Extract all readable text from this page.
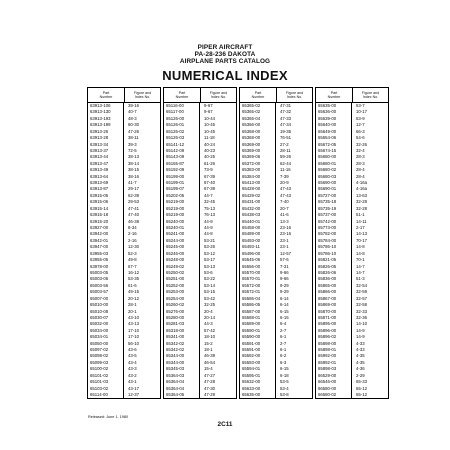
PIPER AIRCRAFT
PA-28-236 DAKOTA
AIRPLANE PARTS CATALOG
NUMERICAL INDEX
Part
Number
Figure and
Index No.
63913-106	39-16
63913-130	40-7
63913-193	48-3
63913-199	60-30
63913-26	47-26
63913-28	38-11
63913-34	39-3
63913-37	72-5
63913-44	38-13
63913-47	38-14
63913-49	38-15
63913-64	38-16
63913-69	41-7
63913-87	29-17
63915-05	62-39
63915-06	29-53
63915-14	47-41
63915-18	47-40
63915-20	46-38
63927-00	8-34
63942-00	2-16
63942-01	2-16
63947-00	12-30
63955-03	52-3
63955-05	49-8
63978-00	67-7
65003-05	16-12
65003-06	53-35
65003-56	61-6
65003-57	49-15
65007-00	20-12
65010-00	28-1
65010-08	20-1
65030-07	43-10
65032-00	43-13
65034-00	17-10
65034-01	17-10
65050-00	56-10
65097-02	43-6
65098-02	43-5
65099-03	43-4
65100-02	43-3
65101-02	43-2
65101-03	43-1
65103-02	43-17
65114-00	12-37
Part
Number
Figure and
Index No.
65116-00	9-67
65117-00	9-67
65126-00	10-44
65126-01	10-45
65126-02	10-45
65126-03	11-18
65141-12	40-24
65142-09	40-23
65143-09	40-25
65165-87	61-26
65192-09	73-9
65199-00	67-39
65199-01	67-40
65199-07	67-39
65202-05	44-7
65219-00	32-45
65219-00	75-13
65219-00	76-13
65240-00	44-9
65240-01	44-9
65241-00	44-8
65244-00	53-21
65245-00	53-26
65246-00	53-12
65248-00	53-17
65249-02	53-13
65250-02	53-6
65251-00	53-22
65252-00	53-14
65253-00	53-15
65254-00	53-42
65260-02	32-25
65276-00	20-4
65280-00	20-14
65281-03	44-3
65318-00	57-42
65341-00	18-10
65342-02	15-2
65342-02	18-1
65344-00	46-39
65344-00	46-54
65345-03	15-4
65364-03	47-27
65364-04	47-28
65364-04	47-30
65364-05	47-29
Part
Number
Figure and
Index No.
65365-02	47-31
65365-02	47-32
65365-04	47-33
65366-00	47-34
65368-00	19-35
65368-00	76-51
65369-00	27-2
65369-00	28-11
65369-06	59-26
65372-00	62-44
65383-00	11-16
65384-00	7-39
65413-00	20-9
65428-00	47-43
65429-02	47-43
65431-00	7-40
65432-00	20-7
65438-03	41-6
65440-01	13-3
65458-00	23-16
65489-00	23-16
65493-00	23-1
65493-11	23-1
65496-00	12-57
65545-06	57-6
65556-00	7-31
65570-00	9-66
65570-01	9-66
65572-00	9-29
65572-01	9-29
65586-04	6-14
65586-05	6-14
65587-00	6-15
65588-01	6-15
65589-00	6-4
65590-01	2-7
65590-00	6-1
65591-00	2-7
65591-00	6-1
65592-00	6-2
65593-00	6-3
65594-01	6-15
65595-01	6-18
65632-00	53-5
65633-00	53-4
65635-00	53-8
Part
Number
Figure and
Index No.
65635-00	53-7
65636-00	10-17
65639-00	53-9
65640-00	12-7
65649-00	66-3
65654-06	54-6
65672-05	32-26
65674-15	32-4
65680-00	28-3
65680-01	28-3
65680-02	28-4
65680-03	28-4
65690-00	4-16a
65690-01	4-16a
65727-00	13-63
65735-18	32-28
65735-19	32-28
65737-00	51-1
65742-00	14-11
65773-00	2-17
65782-00	14-13
65784-00	70-17
65786-10	14-8
65786-10	14-8
65821-05	70-1
65826-05	14-7
65826-06	14-7
65836-00	51-3
65865-00	32-54
65866-00	32-59
65867-00	32-57
65869-00	32-58
65870-00	32-33
65871-00	32-36
65895-00	14-10
65896-00	14-9
65896-02	14-9
65898-00	4-33
65898-01	4-33
65992-00	4-35
65992-01	4-35
65898-03	4-36
66529-00	2-29
66546-00	65-33
66580-00	65-12
66580-02	65-12
Released: June 1, 1980
2C11
